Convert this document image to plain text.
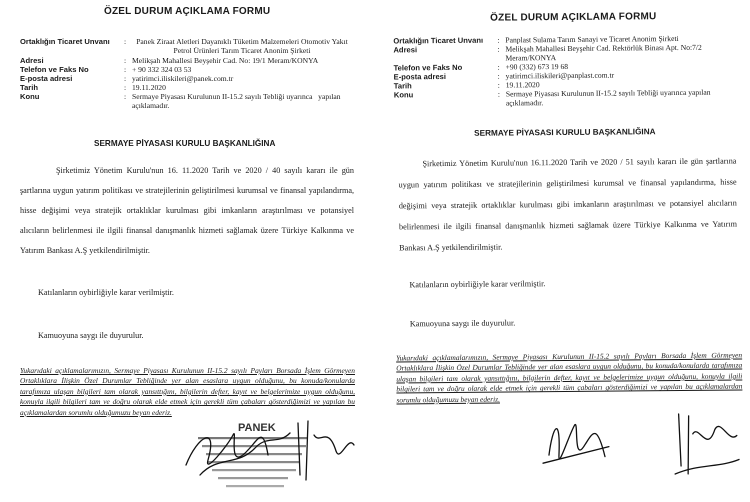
ÖZEL DURUM AÇIKLAMA FORMU
Ortaklığın Ticaret Unvanı	:	Panek Ziraat Aletleri Dayanıklı Tüketim Malzemeleri Otomotiv Yakıt Petrol Ürünleri Tarım Ticaret Anonim Şirketi
Adresi	: Melikşah Mahallesi Beyşehir Cad. No: 19/1 Meram/KONYA
Telefon ve Faks No	: + 90 332 324 03 53
E-posta adresi	: yatirimci.iliskileri@panek.com.tr
Tarih	: 19.11.2020
Konu	: Sermaye Piyasası Kurulunun II-15.2 sayılı Tebliği uyarınca   yapılan açıklamadır.
SERMAYE PİYASASI KURULU BAŞKANLIĞINA
Şirketimiz Yönetim Kurulu'nun 16. 11.2020 Tarih ve 2020 / 40 sayılı kararı ile gün şartlarına uygun yatırım politikası ve stratejilerinin geliştirilmesi kurumsal ve finansal yapılandırma, hisse değişimi veya stratejik ortaklıklar kurulması gibi imkanların araştırılması ve potansiyel alıcıların belirlenmesi ile ilgili finansal danışmanlık hizmeti sağlamak üzere Türkiye Kalkınma ve Yatırım Bankası A.Ş yetkilendirilmiştir.
Katılanların oybirliğiyle karar verilmiştir.
Kamuoyuna saygı ile duyurulur.
Yukarıdaki açıklamalarımızın, Sermaye Piyasası Kurulunun II-15.2 sayılı Payları Borsada İşlem Görmeyen Ortaklıklara İlişkin Özel Durumlar Tebliğinde yer alan esaslara uygun olduğunu, bu konuda/konularda tarafımıza ulaşan bilgileri tam olarak yansıttığını, bilgilerin defter, kayıt ve belgelerimize uygun olduğunu, konuyla ilgili bilgileri tam ve doğru olarak elde etmek için gerekli tüm çabaları gösterdiğimizi ve yapılan bu açıklamalardan sorumlu olduğumuzu beyan ederiz.
PANEK
ÖZEL DURUM AÇIKLAMA FORMU
Ortaklığın Ticaret Unvanı	: Panplast Sulama Tarım Sanayi ve Ticaret Anonim Şirketi
Adresi	: Melikşah Mahallesi Beyşehir Cad. Rektörlük Binası Apt. No:7/2 Meram/KONYA
Telefon ve Faks No	: +90 (332) 673 19 68
E-posta adresi	: yatirimci.iliskileri@panplast.com.tr
Tarih	: 19.11.2020
Konu	: Sermaye Piyasası Kurulunun II-15.2 sayılı Tebliği uyarınca yapılan açıklamadır.
SERMAYE PİYASASI KURULU BAŞKANLIĞINA
Şirketimiz Yönetim Kurulu'nun 16.11.2020 Tarih ve 2020 / 51 sayılı kararı ile gün şartlarına uygun yatırım politikası ve stratejilerinin geliştirilmesi kurumsal ve finansal yapılandırma, hisse değişimi veya stratejik ortaklıklar kurulması gibi imkanların araştırılması ve potansiyel alıcıların belirlenmesi ile ilgili finansal danışmanlık hizmeti sağlamak üzere Türkiye Kalkınma ve Yatırım Bankası A.Ş yetkilendirilmiştir.
Katılanların oybirliğiyle karar verilmiştir.
Kamuoyuna saygı ile duyurulur.
Yukarıdaki açıklamalarımızın, Sermaye Piyasası Kurulunun II-15.2 sayılı Payları Borsada İşlem Görmeyen Ortaklıklara İlişkin Özel Durumlar Tebliğinde yer alan esaslara uygun olduğunu, bu konuda/konularda tarafımıza ulaşan bilgileri tam olarak yansıttığını, bilgilerin defter, kayıt ve belgelerimize uygun olduğunu, konuyla ilgili bilgileri tam ve doğru olarak elde etmek için gerekli tüm çabaları gösterdiğimizi ve yapılan bu açıklamalardan sorumlu olduğumuzu beyan ederiz.
